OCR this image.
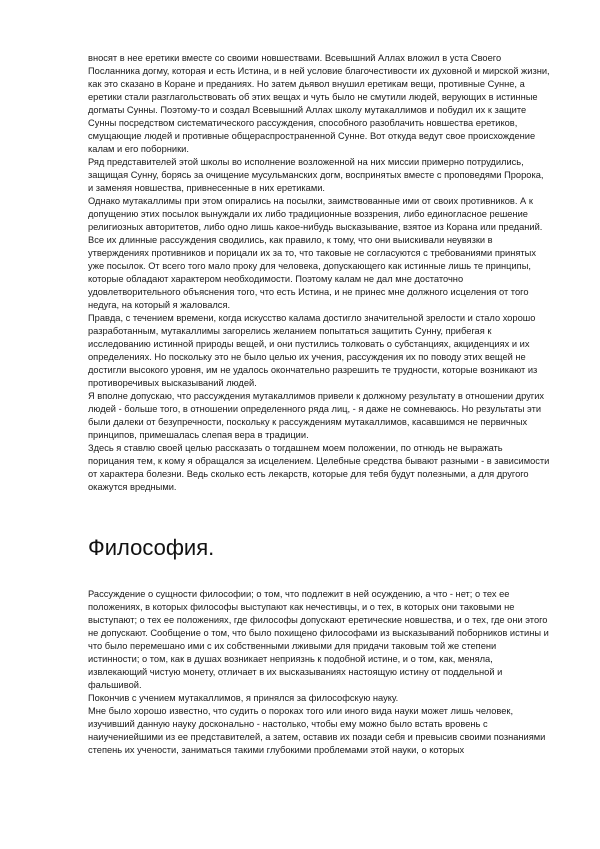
вносят в нее еретики вместе со своими новшествами. Всевышний Аллах вложил в уста Своего Посланника догму, которая и есть Истина, и в ней условие благочестивости их духовной и мирской жизни, как это сказано в Коране и преданиях. Но затем дьявол внушил еретикам вещи, противные Сунне, а еретики стали разглагольствовать об этих вещах и чуть было не смутили людей, верующих в истинные догматы Сунны. Поэтому-то и создал Всевышний Аллах школу мутакаллимов и побудил их к защите Сунны посредством систематического рассуждения, способного разоблачить новшества еретиков, смущающие людей и противные общераспространенной Сунне. Вот откуда ведут свое происхождение калам и его поборники.

Ряд представителей этой школы во исполнение возложенной на них миссии примерно потрудились, защищая Сунну, борясь за очищение мусульманских догм, воспринятых вместе с проповедями Пророка, и заменяя новшества, привнесенные в них еретиками.

Однако мутакаллимы при этом опирались на посылки, заимствованные ими от своих противников. А к допущению этих посылок вынуждали их либо традиционные воззрения, либо единогласное решение религиозных авторитетов, либо одно лишь какое-нибудь высказывание, взятое из Корана или преданий. Все их длинные рассуждения сводились, как правило, к тому, что они выискивали неувязки в утверждениях противников и порицали их за то, что таковые не согласуются с требованиями принятых уже посылок. От всего того мало проку для человека, допускающего как истинные лишь те принципы, которые обладают характером необходимости. Поэтому калам не дал мне достаточно удовлетворительного объяснения того, что есть Истина, и не принес мне должного исцеления от того недуга, на который я жаловался.

Правда, с течением времени, когда искусство калама достигло значительной зрелости и стало хорошо разработанным, мутакаллимы загорелись желанием попытаться защитить Сунну, прибегая к исследованию истинной природы вещей, и они пустились толковать о субстанциях, акциденциях и их определениях. Но поскольку это не было целью их учения, рассуждения их по поводу этих вещей не достигли высокого уровня, им не удалось окончательно разрешить те трудности, которые возникают из противоречивых высказываний людей.

Я вполне допускаю, что рассуждения мутакаллимов привели к должному результату в отношении других людей - больше того, в отношении определенного ряда лиц, - я даже не сомневаюсь. Но результаты эти были далеки от безупречности, поскольку к рассуждениям мутакаллимов, касавшимся не первичных принципов, примешалась слепая вера в традиции.

Здесь я ставлю своей целью рассказать о тогдашнем моем положении, по отнюдь не выражать порицания тем, к кому я обращался за исцелением. Целебные средства бывают разными - в зависимости от характера болезни. Ведь сколько есть лекарств, которые для тебя будут полезными, а для другого окажутся вредными.

Философия.

Рассуждение о сущности философии; о том, что подлежит в ней осуждению, а что - нет; о тех ее положениях, в которых философы выступают как нечестивцы, и о тех, в которых они таковыми не выступают; о тех ее положениях, где философы допускают еретические новшества, и о тех, где они этого не допускают. Сообщение о том, что было похищено философами из высказываний поборников истины и что было перемешано ими с их собственными лживыми для придачи таковым той же степени истинности; о том, как в душах возникает неприязнь к подобной истине, и о том, как, меняла, извлекающий чистую монету, отличает в их высказываниях настоящую истину от поддельной и фальшивой.

Покончив с учением мутакаллимов, я принялся за философскую науку.

Мне было хорошо известно, что судить о пороках того или иного вида науки может лишь человек, изучивший данную науку досконально - настолько, чтобы ему можно было встать вровень с наиучениейшими из ее представителей, а затем, оставив их позади себя и превысив своими познаниями степень их учености, заниматься такими глубокими проблемами этой науки, о которых
